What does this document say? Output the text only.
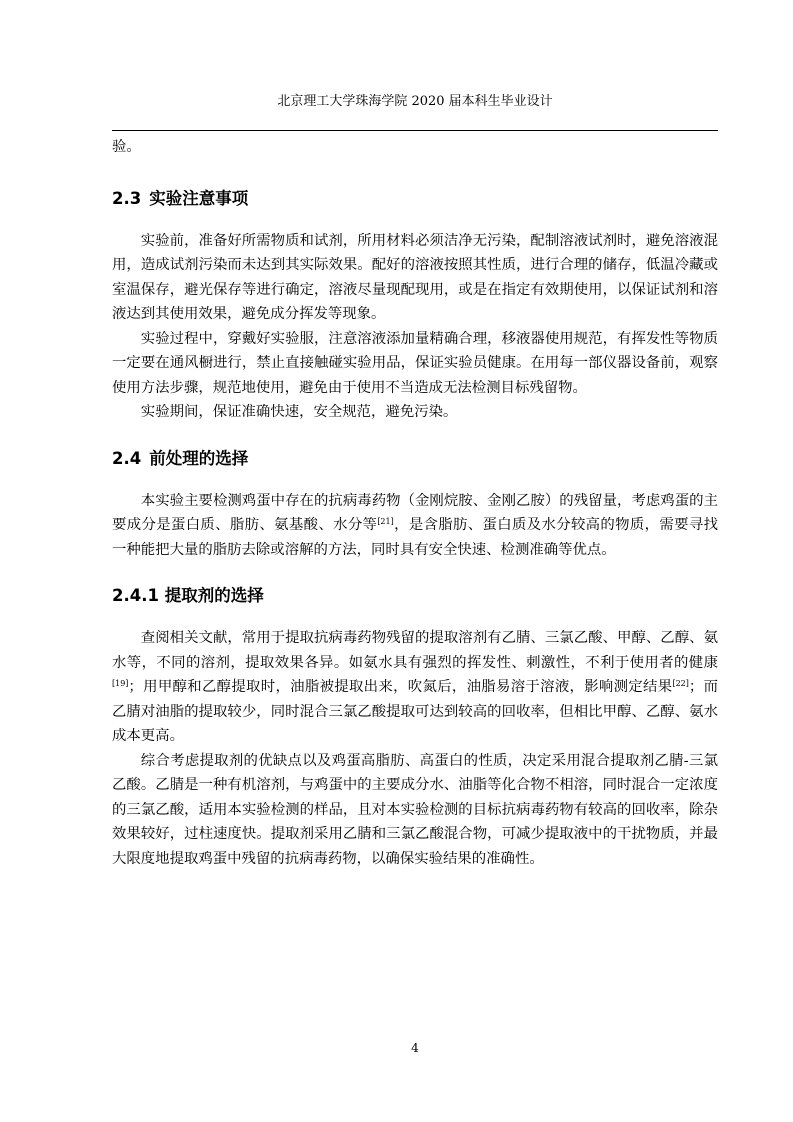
北京理工大学珠海学院 2020 届本科生毕业设计

验。

2.3 实验注意事项

实验前，准备好所需物质和试剂，所用材料必须洁净无污染，配制溶液试剂时，避免溶液混用，造成试剂污染而未达到其实际效果。配好的溶液按照其性质，进行合理的储存，低温冷藏或室温保存，避光保存等进行确定，溶液尽量现配现用，或是在指定有效期使用，以保证试剂和溶液达到其使用效果，避免成分挥发等现象。

实验过程中，穿戴好实验服，注意溶液添加量精确合理，移液器使用规范，有挥发性等物质一定要在通风橱进行，禁止直接触碰实验用品，保证实验员健康。在用每一部仪器设备前，观察使用方法步骤，规范地使用，避免由于使用不当造成无法检测目标残留物。

实验期间，保证准确快速，安全规范，避免污染。

2.4 前处理的选择

本实验主要检测鸡蛋中存在的抗病毒药物（金刚烷胺、金刚乙胺）的残留量，考虑鸡蛋的主要成分是蛋白质、脂肪、氨基酸、水分等[21]，是含脂肪、蛋白质及水分较高的物质，需要寻找一种能把大量的脂肪去除或溶解的方法，同时具有安全快速、检测准确等优点。

2.4.1 提取剂的选择

查阅相关文献，常用于提取抗病毒药物残留的提取溶剂有乙腈、三氯乙酸、甲醇、乙醇、氨水等，不同的溶剂，提取效果各异。如氨水具有强烈的挥发性、刺激性，不利于使用者的健康[19]；用甲醇和乙醇提取时，油脂被提取出来，吹氮后，油脂易溶于溶液，影响测定结果[22]；而乙腈对油脂的提取较少，同时混合三氯乙酸提取可达到较高的回收率，但相比甲醇、乙醇、氨水成本更高。

综合考虑提取剂的优缺点以及鸡蛋高脂肪、高蛋白的性质，决定采用混合提取剂乙腈-三氯乙酸。乙腈是一种有机溶剂，与鸡蛋中的主要成分水、油脂等化合物不相溶，同时混合一定浓度的三氯乙酸，适用本实验检测的样品，且对本实验检测的目标抗病毒药物有较高的回收率，除杂效果较好，过柱速度快。提取剂采用乙腈和三氯乙酸混合物，可减少提取液中的干扰物质，并最大限度地提取鸡蛋中残留的抗病毒药物，以确保实验结果的准确性。

4
